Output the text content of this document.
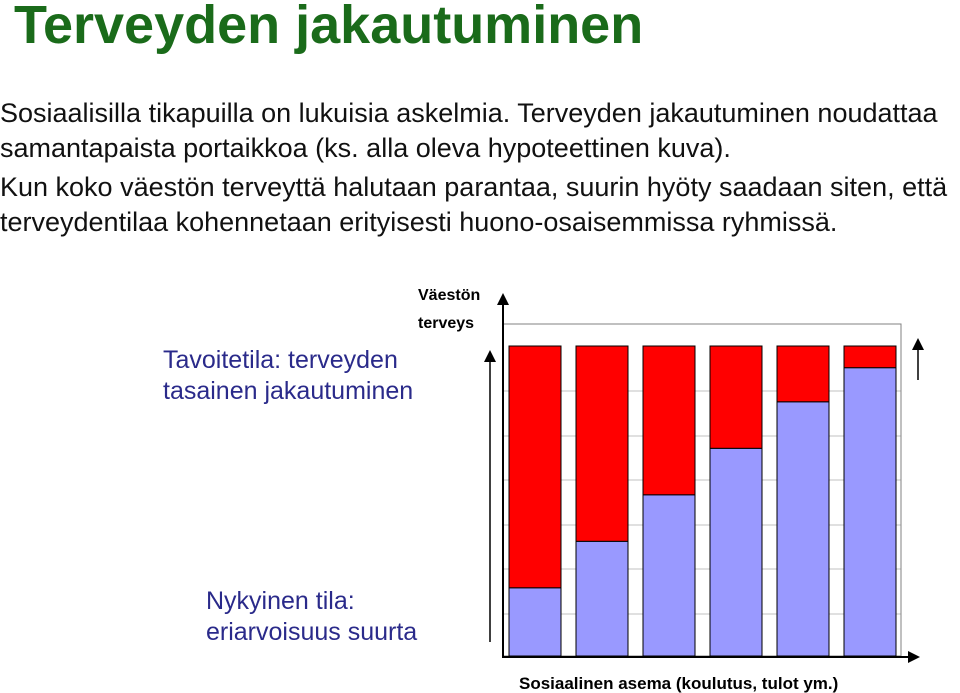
Terveyden jakautuminen

Sosiaalisilla tikapuilla on lukuisia askelmia. Terveyden jakautuminen noudattaa samantapaista portaikkoa (ks. alla oleva hypoteettinen kuva).

Kun koko väestön terveyttä halutaan parantaa, suurin hyöty saadaan siten, että terveydentilaa kohennetaan erityisesti huono-osaisemmissa ryhmissä.

Väestön
terveys
Sosiaalinen asema (koulutus, tulot ym.)

Tavoitetila: terveyden tasainen jakautuminen

Nykyinen tila: eriarvoisuus suurta
